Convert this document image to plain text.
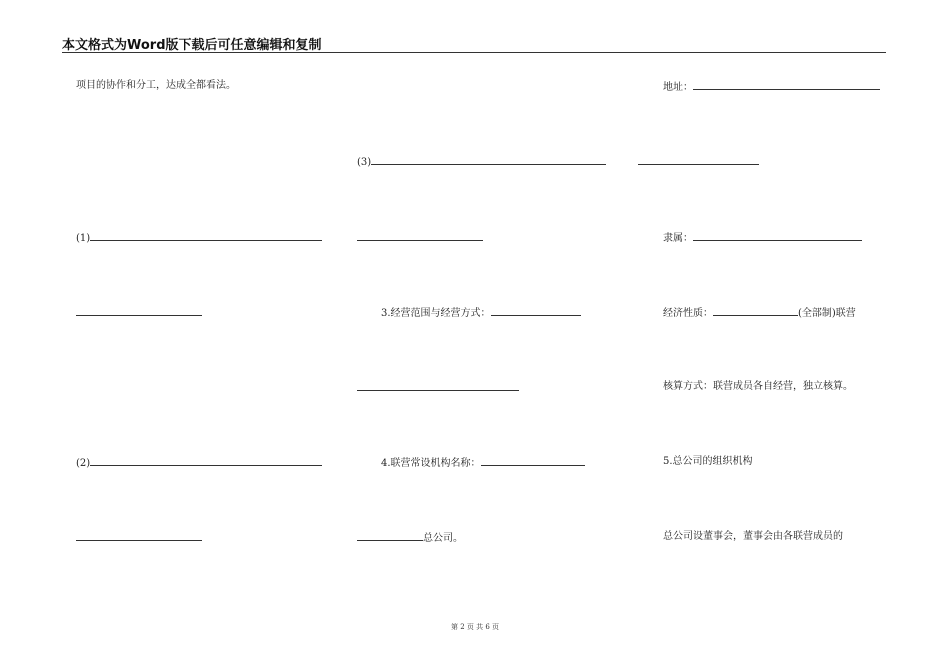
本文格式为Word版下载后可任意编辑和复制
项目的协作和分工，达成全都看法。
(1)
(2)
(3)
3.经营范围与经营方式：
4.联营常设机构名称：
总公司。
地址：
隶属：
经济性质：	(全部制)联营
核算方式：联营成员各自经营，独立核算。
5.总公司的组织机构
总公司设董事会，董事会由各联营成员的
第 2 页 共 6 页
